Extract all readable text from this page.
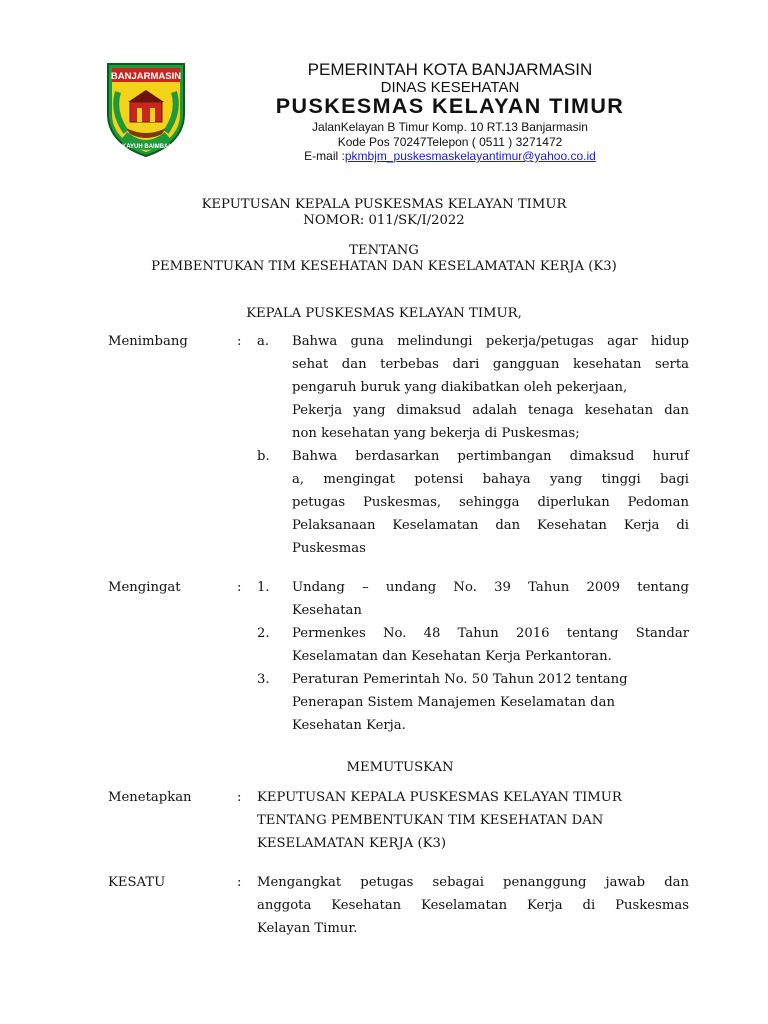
BANJARMASIN
KAYUH BAIMBAI
PEMERINTAH KOTA BANJARMASIN
DINAS KESEHATAN
PUSKESMAS KELAYAN TIMUR
JalanKelayan B Timur Komp. 10 RT.13 Banjarmasin
Kode Pos 70247Telepon ( 0511 ) 3271472
E-mail :pkmbjm_puskesmaskelayantimur@yahoo.co.id
KEPUTUSAN KEPALA PUSKESMAS KELAYAN TIMUR
NOMOR: 011/SK/I/2022
TENTANG
PEMBENTUKAN TIM KESEHATAN DAN KESELAMATAN KERJA (K3)
KEPALA PUSKESMAS KELAYAN TIMUR,
Menimbang	: a. Bahwa guna melindungi pekerja/petugas agar hidup
sehat dan terbebas dari gangguan kesehatan serta
pengaruh buruk yang diakibatkan oleh pekerjaan,
Pekerja yang dimaksud adalah tenaga kesehatan dan
non kesehatan yang bekerja di Puskesmas;
b. Bahwa berdasarkan pertimbangan dimaksud huruf
a, mengingat potensi bahaya yang tinggi bagi
petugas Puskesmas, sehingga diperlukan Pedoman
Pelaksanaan Keselamatan dan Kesehatan Kerja di
Puskesmas
Mengingat	: 1. Undang – undang No. 39 Tahun 2009 tentang
Kesehatan
2. Permenkes No. 48 Tahun 2016 tentang Standar
Keselamatan dan Kesehatan Kerja Perkantoran.
3. Peraturan Pemerintah No. 50 Tahun 2012 tentang
Penerapan Sistem Manajemen Keselamatan dan
Kesehatan Kerja.
MEMUTUSKAN
Menetapkan	: KEPUTUSAN KEPALA PUSKESMAS KELAYAN TIMUR
TENTANG PEMBENTUKAN TIM KESEHATAN DAN
KESELAMATAN KERJA (K3)
KESATU	: Mengangkat petugas sebagai penanggung jawab dan
anggota Kesehatan Keselamatan Kerja di Puskesmas
Kelayan Timur.
